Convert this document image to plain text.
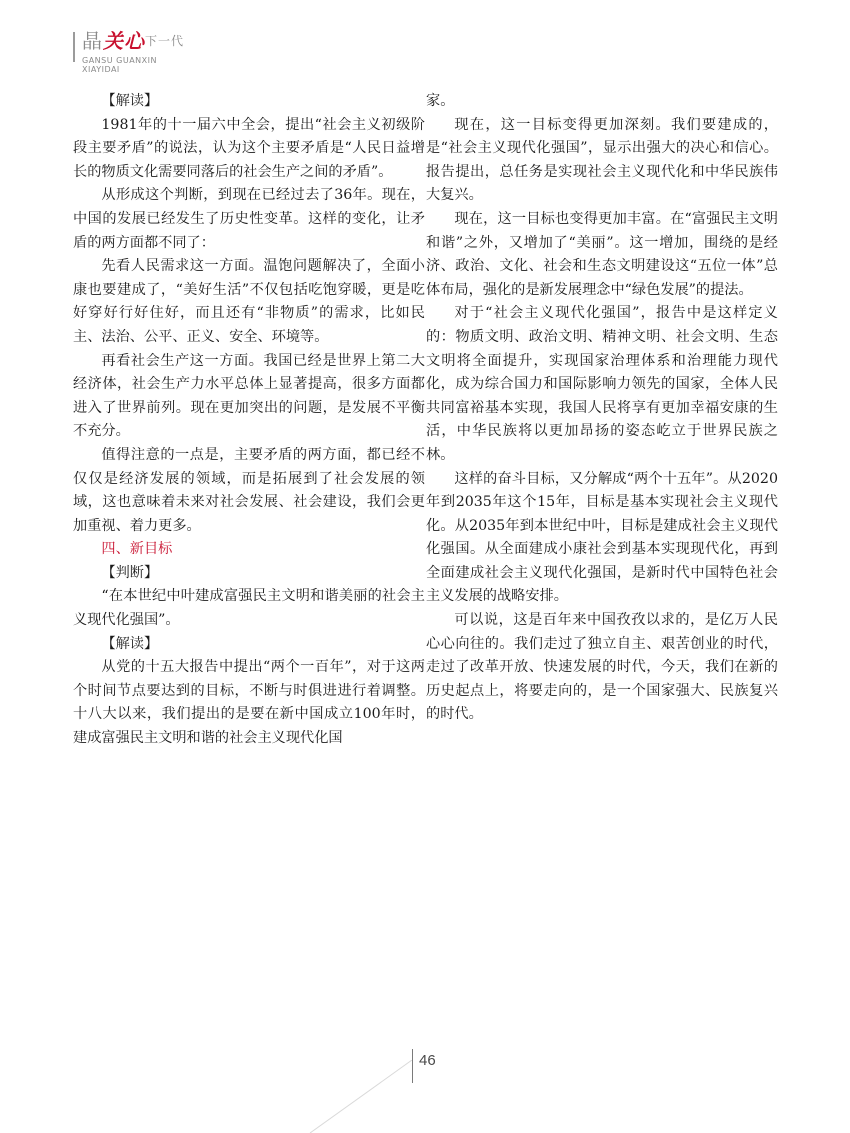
晶关心$^{下一代}$
GANSU GUANXIN
XIAYIDAI

【解读】

1981年的十一届六中全会，提出“社会主义初级阶段主要矛盾”的说法，认为这个主要矛盾是“人民日益增长的物质文化需要同落后的社会生产之间的矛盾”。

从形成这个判断，到现在已经过去了36年。现在，中国的发展已经发生了历史性变革。这样的变化，让矛盾的两方面都不同了：

先看人民需求这一方面。温饱问题解决了，全面小康也要建成了，“美好生活”不仅包括吃饱穿暖，更是吃好穿好行好住好，而且还有“非物质”的需求，比如民主、法治、公平、正义、安全、环境等。

再看社会生产这一方面。我国已经是世界上第二大经济体，社会生产力水平总体上显著提高，很多方面都进入了世界前列。现在更加突出的问题，是发展不平衡不充分。

值得注意的一点是，主要矛盾的两方面，都已经不仅仅是经济发展的领域，而是拓展到了社会发展的领域，这也意味着未来对社会发展、社会建设，我们会更加重视、着力更多。

四、新目标

【判断】

“在本世纪中叶建成富强民主文明和谐美丽的社会主义现代化强国”。

【解读】

从党的十五大报告中提出“两个一百年”，对于这两个时间节点要达到的目标，不断与时俱进进行着调整。十八大以来，我们提出的是要在新中国成立100年时，建成富强民主文明和谐的社会主义现代化国

家。

现在，这一目标变得更加深刻。我们要建成的，是“社会主义现代化强国”，显示出强大的决心和信心。报告提出，总任务是实现社会主义现代化和中华民族伟大复兴。

现在，这一目标也变得更加丰富。在“富强民主文明和谐”之外，又增加了“美丽”。这一增加，围绕的是经济、政治、文化、社会和生态文明建设这“五位一体”总体布局，强化的是新发展理念中“绿色发展”的提法。

对于“社会主义现代化强国”，报告中是这样定义的：物质文明、政治文明、精神文明、社会文明、生态文明将全面提升，实现国家治理体系和治理能力现代化，成为综合国力和国际影响力领先的国家，全体人民共同富裕基本实现，我国人民将享有更加幸福安康的生活，中华民族将以更加昂扬的姿态屹立于世界民族之林。

这样的奋斗目标，又分解成“两个十五年”。从2020年到2035年这个15年，目标是基本实现社会主义现代化。从2035年到本世纪中叶，目标是建成社会主义现代化强国。从全面建成小康社会到基本实现现代化，再到全面建成社会主义现代化强国，是新时代中国特色社会主义发展的战略安排。

可以说，这是百年来中国孜孜以求的，是亿万人民心心向往的。我们走过了独立自主、艰苦创业的时代，走过了改革开放、快速发展的时代，今天，我们在新的历史起点上，将要走向的，是一个国家强大、民族复兴的时代。

46
